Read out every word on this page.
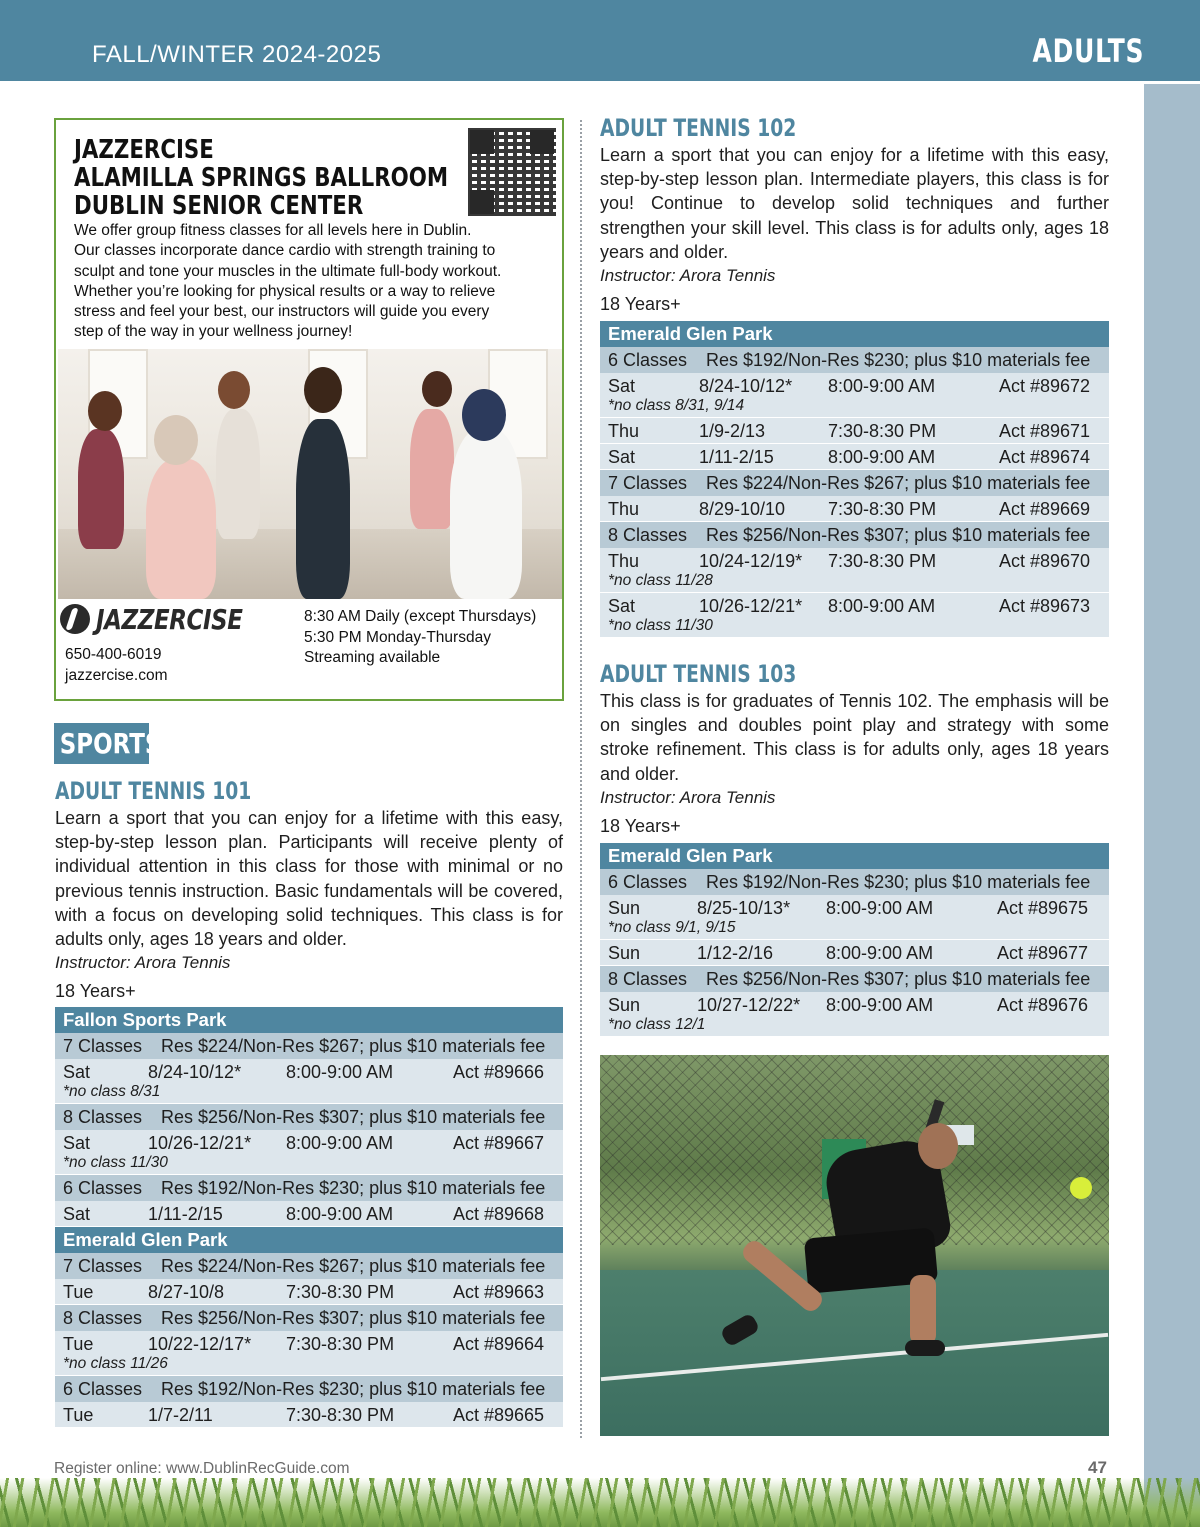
FALL/WINTER 2024-2025	ADULTS
JAZZERCISE
ALAMILLA SPRINGS BALLROOM
DUBLIN SENIOR CENTER
We offer group fitness classes for all levels here in Dublin.
Our classes incorporate dance cardio with strength training to
sculpt and tone your muscles in the ultimate full-body workout.
Whether you’re looking for physical results or a way to relieve
stress and feel your best, our instructors will guide you every
step of the way in your wellness journey!
JAZZERCISE
650-400-6019
jazzercise.com
8:30 AM Daily (except Thursdays)
5:30 PM Monday-Thursday
Streaming available
SPORTS
ADULT TENNIS 101
Learn a sport that you can enjoy for a lifetime with this easy, step-by-step lesson plan. Participants will receive plenty of individual attention in this class for those with minimal or no previous tennis instruction. Basic fundamentals will be covered, with a focus on developing solid techniques. This class is for adults only, ages 18 years and older.
Instructor: Arora Tennis
18 Years+
Fallon Sports Park
7 Classes Res $224/Non-Res $267; plus $10 materials fee
Sat	8/24-10/12* 8:00-9:00 AM	Act #89666
*no class 8/31
8 Classes Res $256/Non-Res $307; plus $10 materials fee
Sat	10/26-12/21* 8:00-9:00 AM	Act #89667
*no class 11/30
6 Classes Res $192/Non-Res $230; plus $10 materials fee
Sat	1/11-2/15	8:00-9:00 AM	Act #89668
Emerald Glen Park
7 Classes Res $224/Non-Res $267; plus $10 materials fee
Tue	8/27-10/8	7:30-8:30 PM	Act #89663
8 Classes Res $256/Non-Res $307; plus $10 materials fee
Tue	10/22-12/17* 7:30-8:30 PM	Act #89664
*no class 11/26
6 Classes Res $192/Non-Res $230; plus $10 materials fee
Tue	1/7-2/11	7:30-8:30 PM	Act #89665
ADULT TENNIS 102
Learn a sport that you can enjoy for a lifetime with this easy, step-by-step lesson plan. Intermediate players, this class is for you! Continue to develop solid techniques and further strengthen your skill level. This class is for adults only, ages 18 years and older.
Instructor: Arora Tennis
18 Years+
Emerald Glen Park
6 Classes Res $192/Non-Res $230; plus $10 materials fee
Sat	8/24-10/12* 8:00-9:00 AM	Act #89672
*no class 8/31, 9/14
Thu	1/9-2/13	7:30-8:30 PM	Act #89671
Sat	1/11-2/15	8:00-9:00 AM	Act #89674
7 Classes Res $224/Non-Res $267; plus $10 materials fee
Thu	8/29-10/10 7:30-8:30 PM	Act #89669
8 Classes Res $256/Non-Res $307; plus $10 materials fee
Thu	10/24-12/19* 7:30-8:30 PM	Act #89670
*no class 11/28
Sat	10/26-12/21* 8:00-9:00 AM	Act #89673
*no class 11/30
ADULT TENNIS 103
This class is for graduates of Tennis 102. The emphasis will be on singles and doubles point play and strategy with some stroke refinement. This class is for adults only, ages 18 years and older.
Instructor: Arora Tennis
18 Years+
Emerald Glen Park
6 Classes Res $192/Non-Res $230; plus $10 materials fee
Sun	8/25-10/13* 8:00-9:00 AM	Act #89675
*no class 9/1, 9/15
Sun	1/12-2/16	8:00-9:00 AM	Act #89677
8 Classes Res $256/Non-Res $307; plus $10 materials fee
Sun	10/27-12/22* 8:00-9:00 AM	Act #89676
*no class 12/1
Register online: www.DublinRecGuide.com	47
